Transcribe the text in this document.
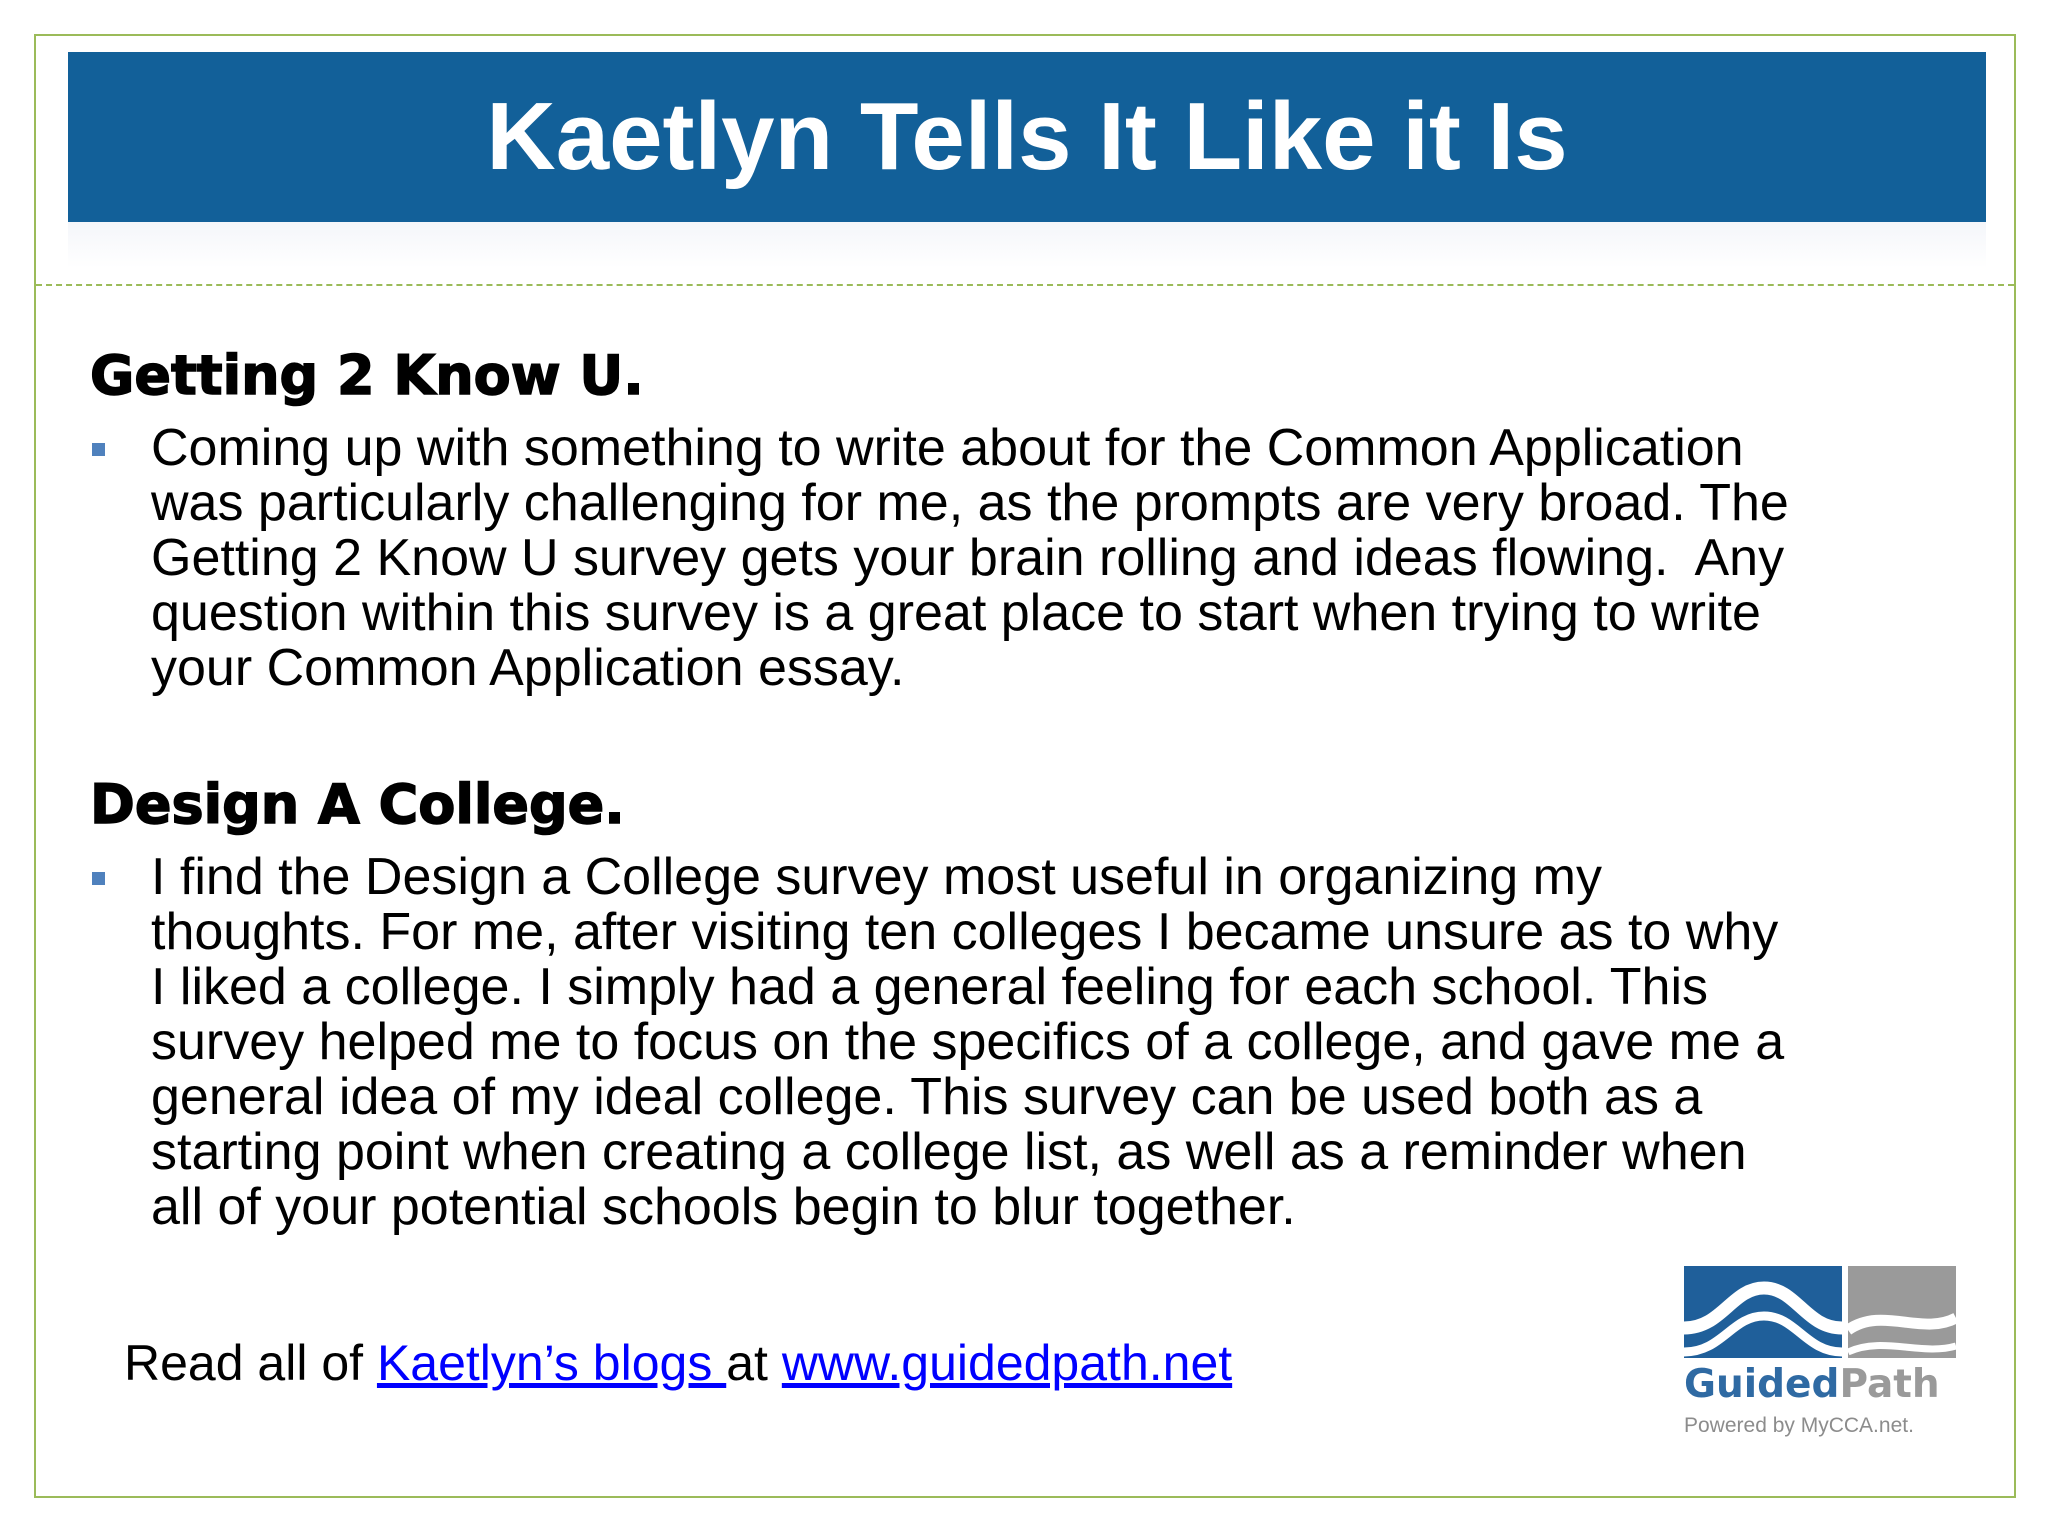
Kaetlyn Tells It Like it Is
Getting 2 Know U.
Coming up with something to write about for the Common Application
was particularly challenging for me, as the prompts are very broad. The
Getting 2 Know U survey gets your brain rolling and ideas flowing.  Any
question within this survey is a great place to start when trying to write
your Common Application essay.
Design A College.
I find the Design a College survey most useful in organizing my
thoughts. For me, after visiting ten colleges I became unsure as to why
I liked a college. I simply had a general feeling for each school. This
survey helped me to focus on the specifics of a college, and gave me a
general idea of my ideal college. This survey can be used both as a
starting point when creating a college list, as well as a reminder when
all of your potential schools begin to blur together.
Read all of Kaetlyn’s blogs at www.guidedpath.net	GuidedPath
Powered by MyCCA.net.
